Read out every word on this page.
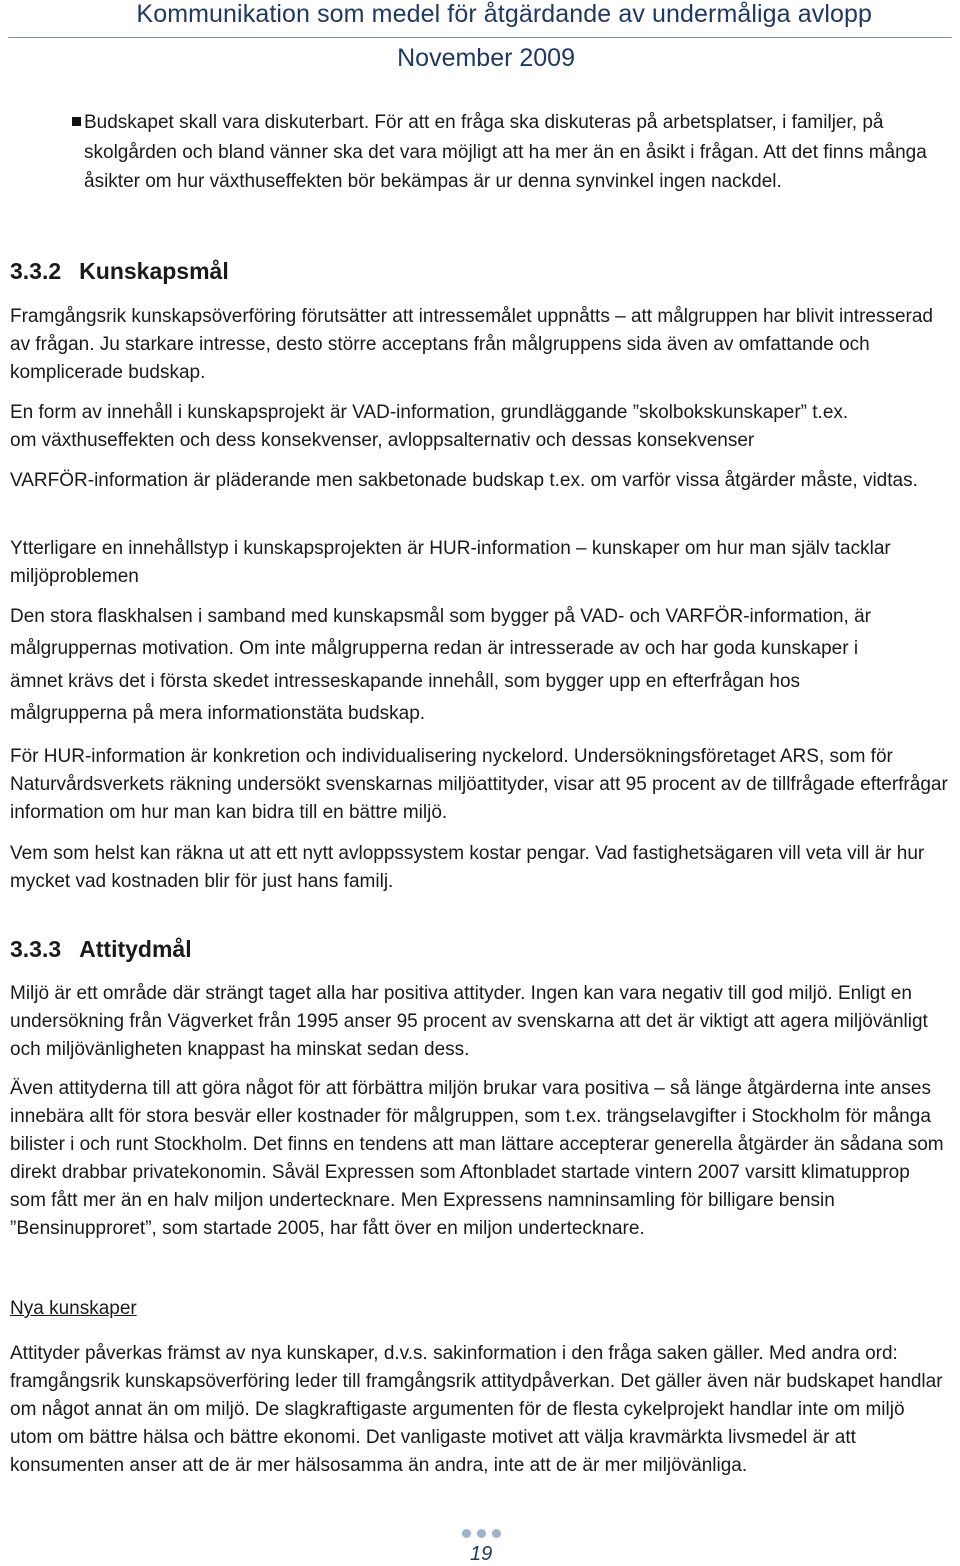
Kommunikation som medel för åtgärdande av undermåliga avlopp
November 2009
Budskapet skall vara diskuterbart. För att en fråga ska diskuteras på arbetsplatser, i familjer, på skolgården och bland vänner ska det vara möjligt att ha mer än en åsikt i frågan. Att det finns många åsikter om hur växthuseffekten bör bekämpas är ur denna synvinkel ingen nackdel.
3.3.2 Kunskapsmål

Framgångsrik kunskapsöverföring förutsätter att intressemålet uppnåtts – att målgruppen har blivit intresserad av frågan. Ju starkare intresse, desto större acceptans från målgruppens sida även av omfattande och komplicerade budskap.

En form av innehåll i kunskapsprojekt är VAD-information, grundläggande ”skolbokskunskaper” t.ex.

om växthuseffekten och dess konsekvenser, avloppsalternativ och dessas konsekvenser

VARFÖR-information är pläderande men sakbetonade budskap t.ex. om varför vissa åtgärder måste, vidtas.

Ytterligare en innehållstyp i kunskapsprojekten är HUR-information – kunskaper om hur man själv tacklar miljöproblemen

Den stora flaskhalsen i samband med kunskapsmål som bygger på VAD- och VARFÖR-information, är

målgruppernas motivation. Om inte målgrupperna redan är intresserade av och har goda kunskaper i

ämnet krävs det i första skedet intresseskapande innehåll, som bygger upp en efterfrågan hos

målgrupperna på mera informationstäta budskap.

För HUR-information är konkretion och individualisering nyckelord. Undersökningsföretaget ARS, som för Naturvårdsverkets räkning undersökt svenskarnas miljöattityder, visar att 95 procent av de tillfrågade efterfrågar information om hur man kan bidra till en bättre miljö.

Vem som helst kan räkna ut att ett nytt avloppssystem kostar pengar. Vad fastighetsägaren vill veta vill är hur mycket vad kostnaden blir för just hans familj.

3.3.3 Attitydmål

Miljö är ett område där strängt taget alla har positiva attityder. Ingen kan vara negativ till god miljö. Enligt en undersökning från Vägverket från 1995 anser 95 procent av svenskarna att det är viktigt att agera miljövänligt och miljövänligheten knappast ha minskat sedan dess.

Även attityderna till att göra något för att förbättra miljön brukar vara positiva – så länge åtgärderna inte anses innebära allt för stora besvär eller kostnader för målgruppen, som t.ex. trängselavgifter i Stockholm för många bilister i och runt Stockholm. Det finns en tendens att man lättare accepterar generella åtgärder än sådana som direkt drabbar privatekonomin. Såväl Expressen som Aftonbladet startade vintern 2007 varsitt klimatupprop som fått mer än en halv miljon undertecknare. Men Expressens namninsamling för billigare bensin ”Bensinupproret”, som startade 2005, har fått över en miljon undertecknare.

Nya kunskaper

Attityder påverkas främst av nya kunskaper, d.v.s. sakinformation i den fråga saken gäller. Med andra ord: framgångsrik kunskapsöverföring leder till framgångsrik attitydpåverkan. Det gäller även när budskapet handlar om något annat än om miljö. De slagkraftigaste argumenten för de flesta cykelprojekt handlar inte om miljö utom om bättre hälsa och bättre ekonomi. Det vanligaste motivet att välja kravmärkta livsmedel är att konsumenten anser att de är mer hälsosamma än andra, inte att de är mer miljövänliga.

19
